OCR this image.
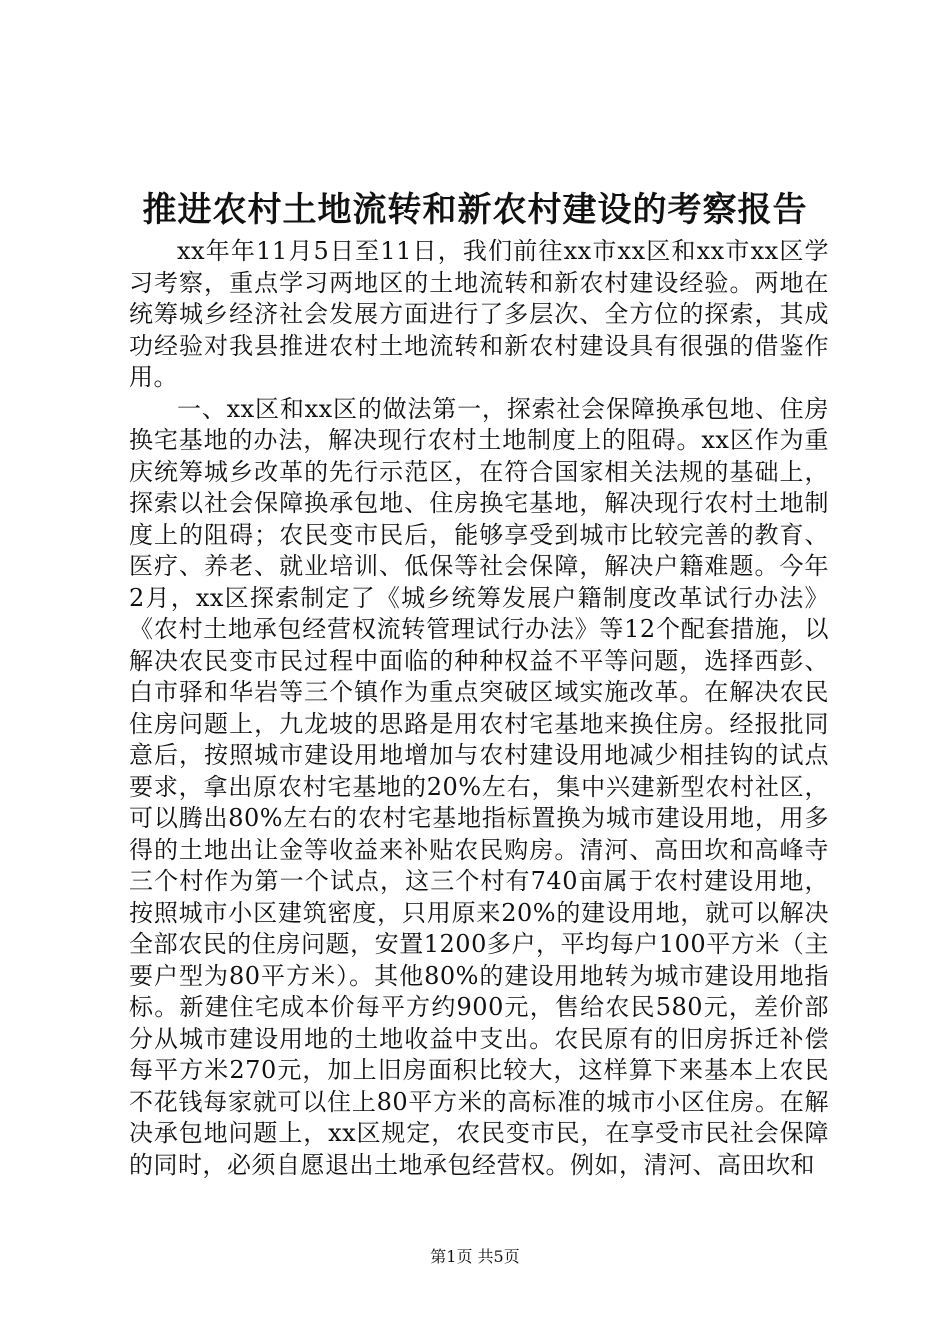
推进农村土地流转和新农村建设的考察报告

xx年年11月5日至11日，我们前往xx市xx区和xx市xx区学习考察，重点学习两地区的土地流转和新农村建设经验。两地在统筹城乡经济社会发展方面进行了多层次、全方位的探索，其成功经验对我县推进农村土地流转和新农村建设具有很强的借鉴作用。

一、xx区和xx区的做法第一，探索社会保障换承包地、住房换宅基地的办法，解决现行农村土地制度上的阻碍。xx区作为重庆统筹城乡改革的先行示范区，在符合国家相关法规的基础上，探索以社会保障换承包地、住房换宅基地，解决现行农村土地制度上的阻碍；农民变市民后，能够享受到城市比较完善的教育、医疗、养老、就业培训、低保等社会保障，解决户籍难题。今年2月，xx区探索制定了《城乡统筹发展户籍制度改革试行办法》《农村土地承包经营权流转管理试行办法》等12个配套措施，以解决农民变市民过程中面临的种种权益不平等问题，选择西彭、白市驿和华岩等三个镇作为重点突破区域实施改革。在解决农民住房问题上，九龙坡的思路是用农村宅基地来换住房。经报批同意后，按照城市建设用地增加与农村建设用地减少相挂钩的试点要求，拿出原农村宅基地的20%左右，集中兴建新型农村社区，可以腾出80%左右的农村宅基地指标置换为城市建设用地，用多得的土地出让金等收益来补贴农民购房。清河、高田坎和高峰寺三个村作为第一个试点，这三个村有740亩属于农村建设用地，按照城市小区建筑密度，只用原来20%的建设用地，就可以解决全部农民的住房问题，安置1200多户，平均每户100平方米（主要户型为80平方米）。其他80%的建设用地转为城市建设用地指标。新建住宅成本价每平方约900元，售给农民580元，差价部分从城市建设用地的土地收益中支出。农民原有的旧房拆迁补偿每平方米270元，加上旧房面积比较大，这样算下来基本上农民不花钱每家就可以住上80平方米的高标准的城市小区住房。在解决承包地问题上，xx区规定，农民变市民，在享受市民社会保障的同时，必须自愿退出土地承包经营权。例如，清河、高田坎和

第1页 共5页
